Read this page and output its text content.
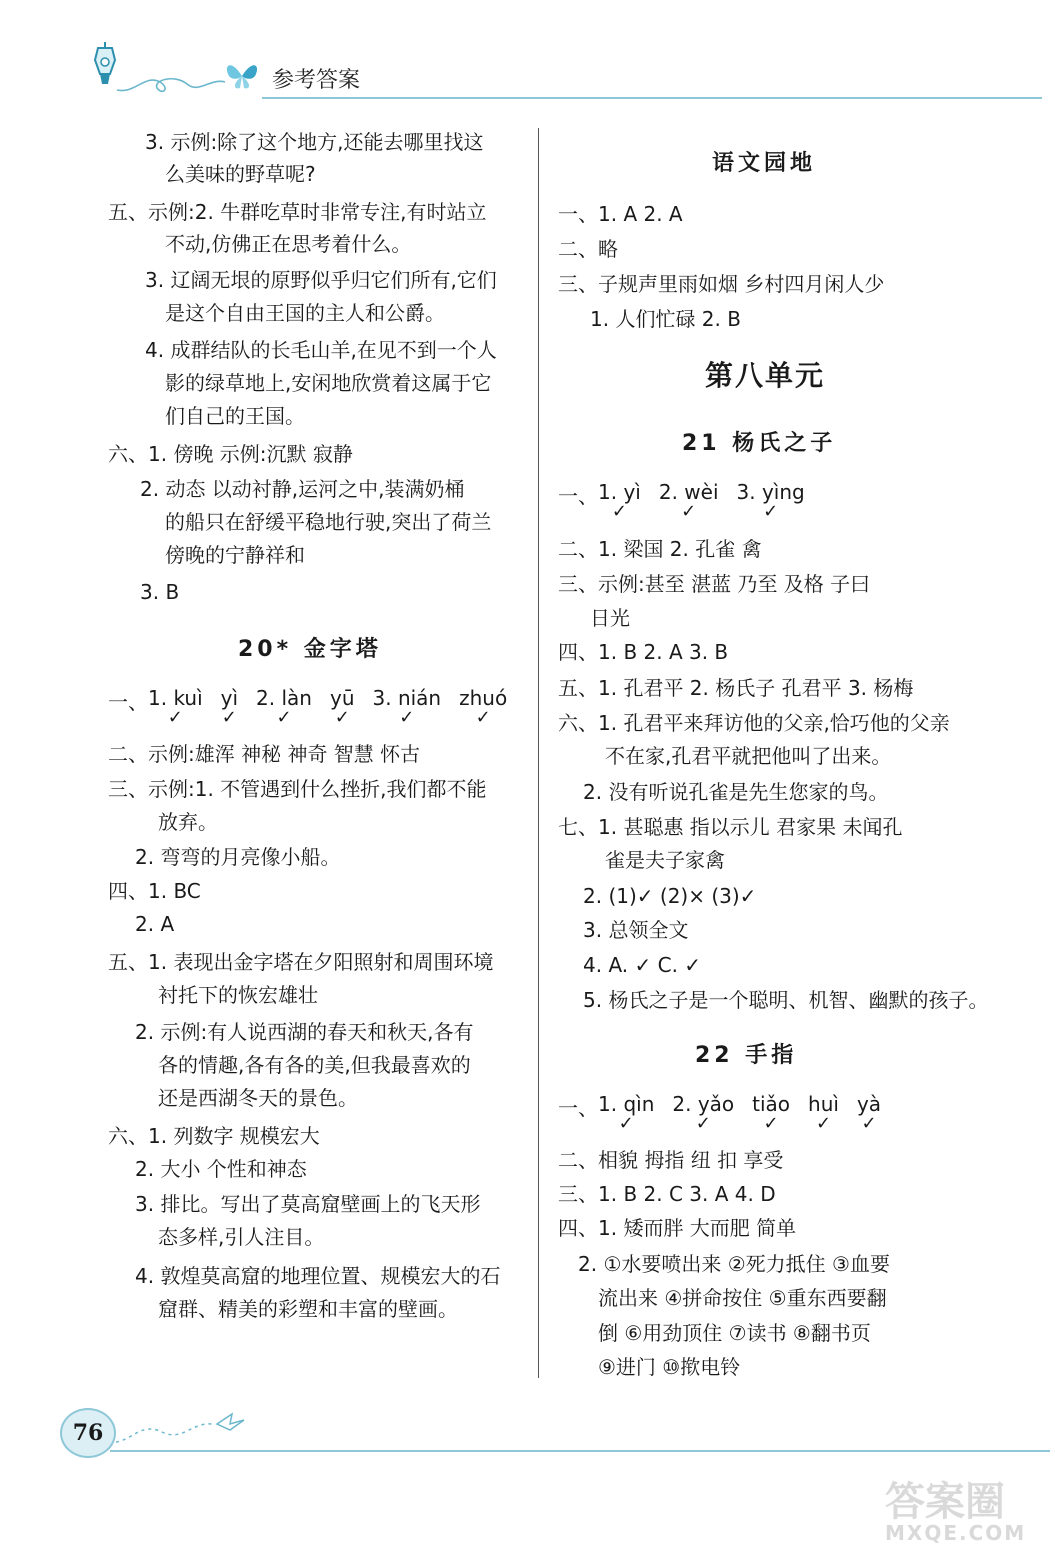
参考答案
3. 示例:除了这个地方,还能去哪里找这
么美味的野草呢?
五、示例:2. 牛群吃草时非常专注,有时站立
不动,仿佛正在思考着什么。
3. 辽阔无垠的原野似乎归它们所有,它们
是这个自由王国的主人和公爵。
4. 成群结队的长毛山羊,在见不到一个人
影的绿草地上,安闲地欣赏着这属于它
们自己的王国。
六、1. 傍晚 示例:沉默 寂静
2. 动态 以动衬静,运河之中,装满奶桶
的船只在舒缓平稳地行驶,突出了荷兰
傍晚的宁静祥和
3. B
20* 金字塔
一、 1. kuì
✓
yì
✓
2. làn
✓
yū
✓
3. nián
✓
zhuó
✓
二、示例:雄浑 神秘 神奇 智慧 怀古
三、示例:1. 不管遇到什么挫折,我们都不能
放弃。
2. 弯弯的月亮像小船。
四、1. BC
2. A
五、1. 表现出金字塔在夕阳照射和周围环境
衬托下的恢宏雄壮
2. 示例:有人说西湖的春天和秋天,各有
各的情趣,各有各的美,但我最喜欢的
还是西湖冬天的景色。
六、1. 列数字 规模宏大
2. 大小 个性和神态
3. 排比。写出了莫高窟壁画上的飞天形
态多样,引人注目。
4. 敦煌莫高窟的地理位置、规模宏大的石
窟群、精美的彩塑和丰富的壁画。
语文园地
一、1. A 2. A
二、略
三、子规声里雨如烟 乡村四月闲人少
1. 人们忙碌 2. B
第八单元
21 杨氏之子
一、 1. yì
✓
2. wèi
✓
3. yìng
✓
二、1. 梁国 2. 孔雀 禽
三、示例:甚至 湛蓝 乃至 及格 子曰
日光
四、1. B 2. A 3. B
五、1. 孔君平 2. 杨氏子 孔君平 3. 杨梅
六、1. 孔君平来拜访他的父亲,恰巧他的父亲
不在家,孔君平就把他叫了出来。
2. 没有听说孔雀是先生您家的鸟。
七、1. 甚聪惠 指以示儿 君家果 未闻孔
雀是夫子家禽
2. (1)✓ (2)× (3)✓
3. 总领全文
4. A. ✓ C. ✓
5. 杨氏之子是一个聪明、机智、幽默的孩子。
22 手指
一、 1. qìn
✓
2. yǎo
✓
tiǎo
✓
huì
✓
yà
✓
二、相貌 拇指 纽 扣 享受
三、1. B 2. C 3. A 4. D
四、1. 矮而胖 大而肥 简单
2. ①水要喷出来 ②死力抵住 ③血要
流出来 ④拼命按住 ⑤重东西要翻
倒 ⑥用劲顶住 ⑦读书 ⑧翻书页
⑨进门 ⑩揿电铃
76
答案圈
MXQE.COM
